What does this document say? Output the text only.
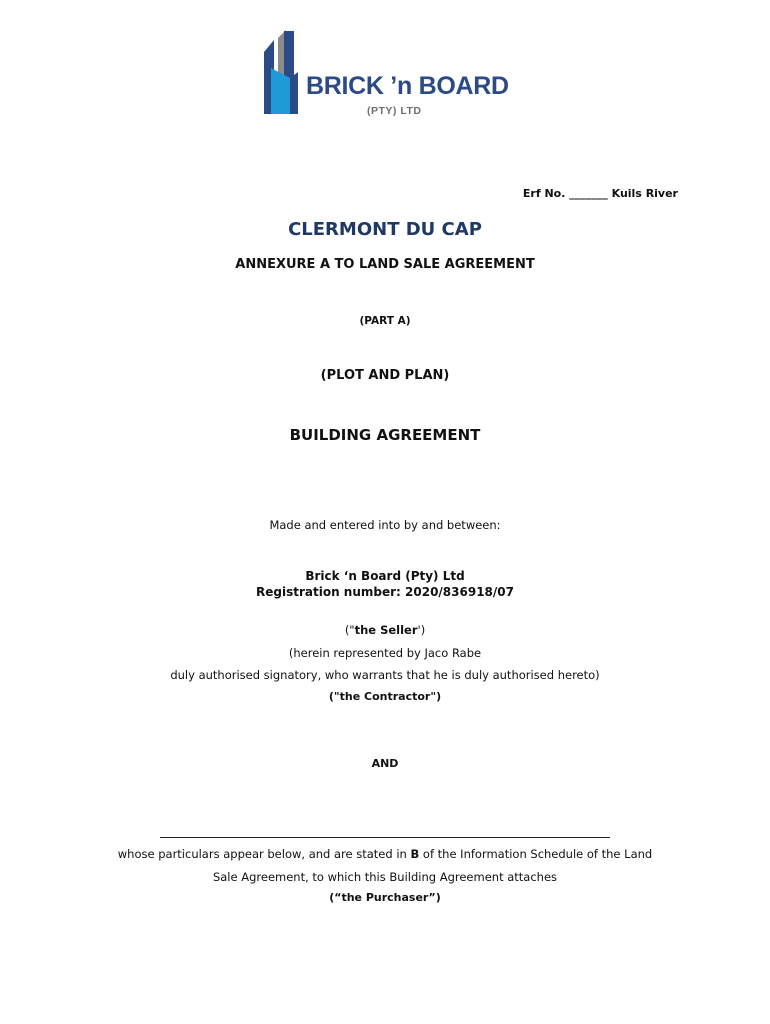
BRICK ’n BOARD
(PTY) LTD
Erf No. _______ Kuils River
CLERMONT DU CAP
ANNEXURE A TO LAND SALE AGREEMENT
(PART A)
(PLOT AND PLAN)
BUILDING AGREEMENT
Made and entered into by and between:
Brick ‘n Board (Pty) Ltd
Registration number: 2020/836918/07
("the Seller')
(herein represented by Jaco Rabe
duly authorised signatory, who warrants that he is duly authorised hereto)
("the Contractor")
AND
whose particulars appear below, and are stated in B of the Information Schedule of the Land
Sale Agreement, to which this Building Agreement attaches
(“the Purchaser”)
